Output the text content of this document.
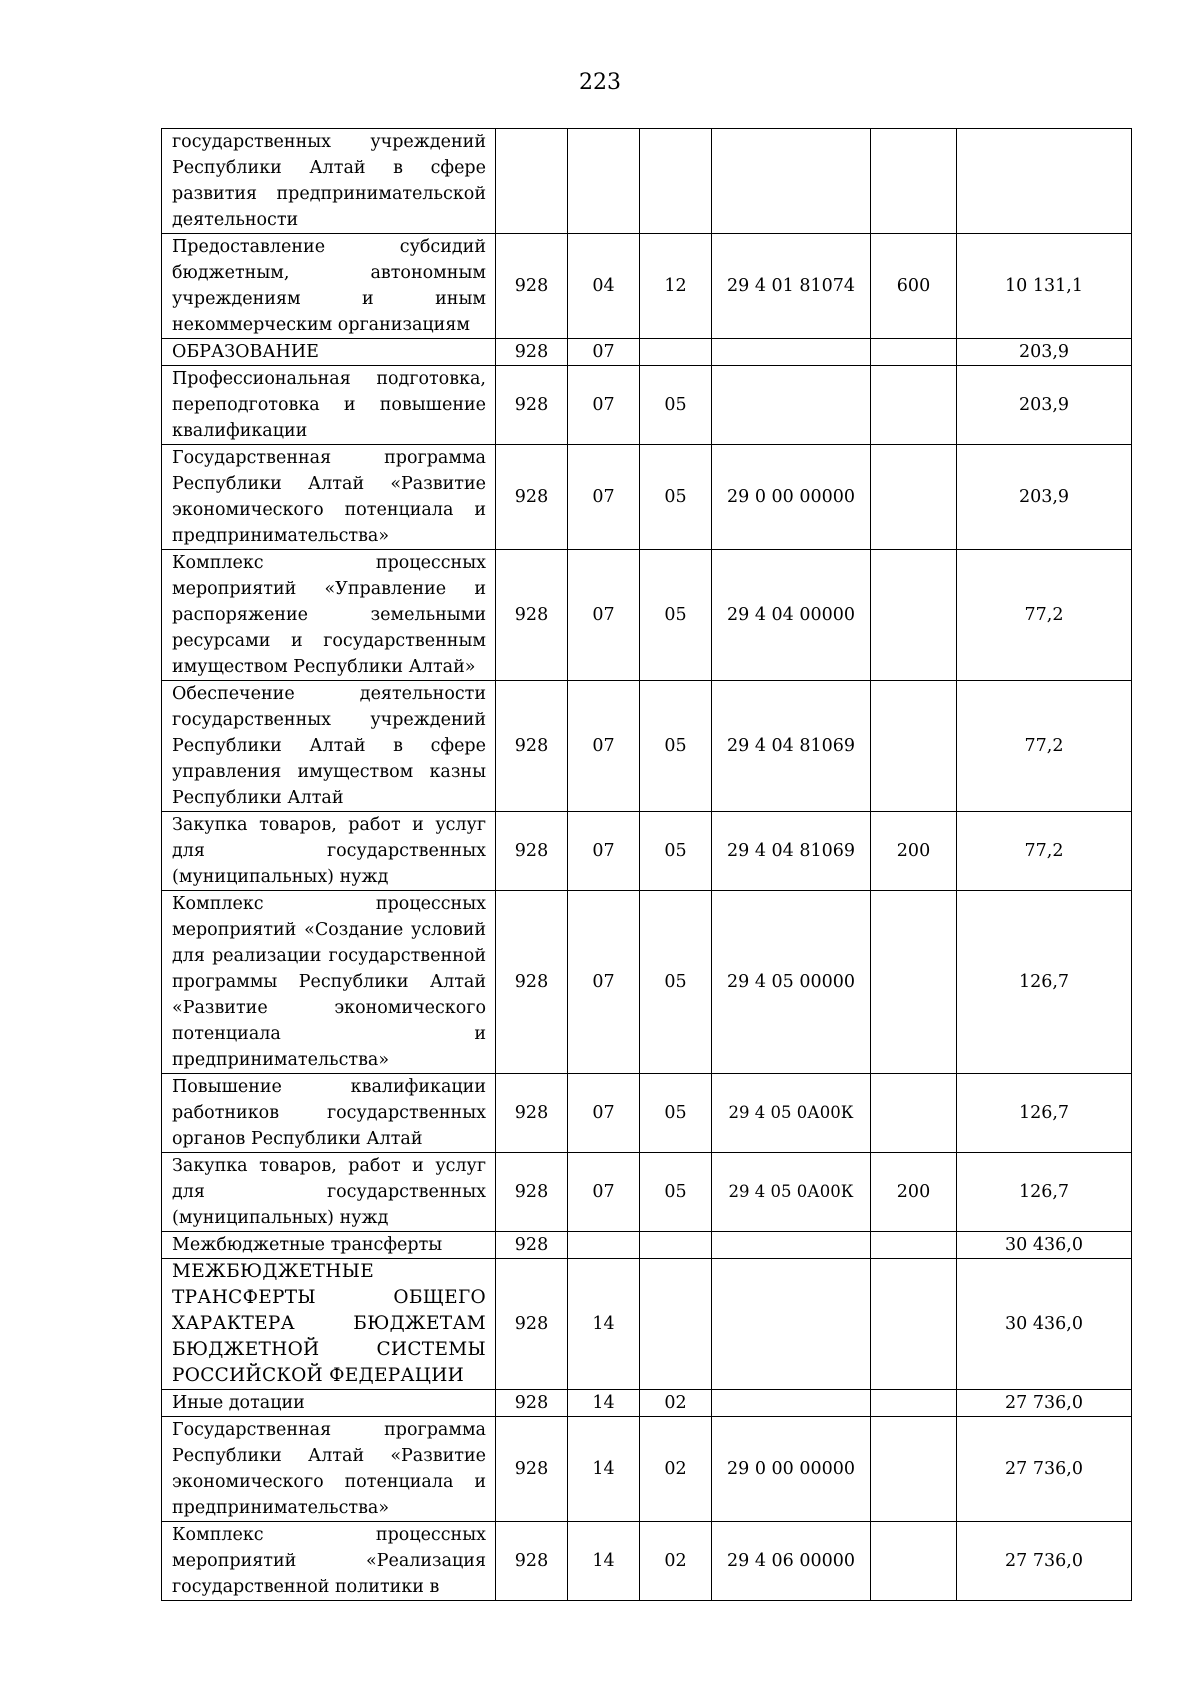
223
государственных учреждений Республики Алтай в сфере развития предпринимательской деятельности						
Предоставление субсидий бюджетным, автономным учреждениям и иным некоммерческим организациям	928	04	12	29 4 01 81074	600	10 131,1
ОБРАЗОВАНИЕ	928	07				203,9
Профессиональная подготовка, переподготовка и повышение квалификации	928	07	05			203,9
Государственная программа Республики Алтай «Развитие экономического потенциала и предпринимательства»	928	07	05	29 0 00 00000		203,9
Комплекс процессных мероприятий «Управление и распоряжение земельными ресурсами и государственным имуществом Республики Алтай»	928	07	05	29 4 04 00000		77,2
Обеспечение деятельности государственных учреждений Республики Алтай в сфере управления имуществом казны Республики Алтай	928	07	05	29 4 04 81069		77,2
Закупка товаров, работ и услуг для государственных (муниципальных) нужд	928	07	05	29 4 04 81069	200	77,2
Комплекс процессных мероприятий «Создание условий для реализации государственной программы Республики Алтай «Развитие экономического потенциала и предпринимательства»	928	07	05	29 4 05 00000		126,7
Повышение квалификации работников государственных органов Республики Алтай	928	07	05	29 4 05 0А00К		126,7
Закупка товаров, работ и услуг для государственных (муниципальных) нужд	928	07	05	29 4 05 0А00К	200	126,7
Межбюджетные трансферты	928					30 436,0
МЕЖБЮДЖЕТНЫЕ ТРАНСФЕРТЫ ОБЩЕГО ХАРАКТЕРА БЮДЖЕТАМ БЮДЖЕТНОЙ СИСТЕМЫ РОССИЙСКОЙ ФЕДЕРАЦИИ	928	14				30 436,0
Иные дотации	928	14	02			27 736,0
Государственная программа Республики Алтай «Развитие экономического потенциала и предпринимательства»	928	14	02	29 0 00 00000		27 736,0
Комплекс процессных мероприятий «Реализация государственной политики в	928	14	02	29 4 06 00000		27 736,0
